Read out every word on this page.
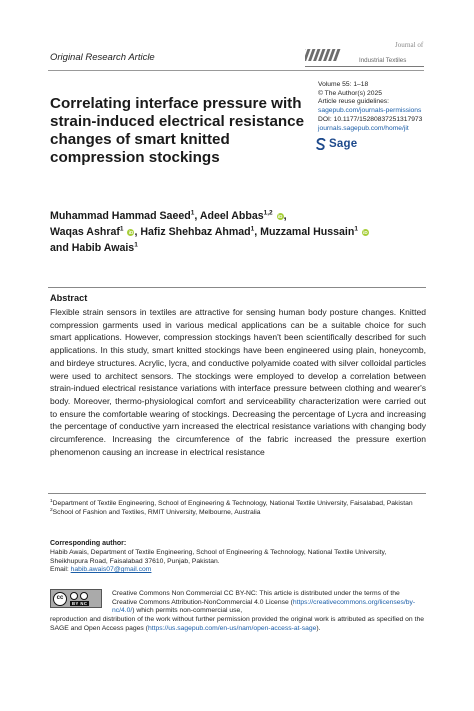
Original Research Article
Journal of
Industrial Textiles
Correlating interface pressure with strain-induced electrical resistance changes of smart knitted compression stockings
Volume 55: 1–18
© The Author(s) 2025
Article reuse guidelines:
sagepub.com/journals-permissions
DOI: 10.1177/15280837251317973
journals.sagepub.com/home/jit
Sage
Muhammad Hammad Saeed$^1$, Adeel Abbas$^{1,2}$ iD,
Waqas Ashraf$^1$ iD, Hafiz Shehbaz Ahmad$^1$, Muzzamal Hussain$^1$ iD
and Habib Awais$^1$
Abstract
Flexible strain sensors in textiles are attractive for sensing human body posture changes. Knitted compression garments used in various medical applications can be a suitable choice for such smart applications. However, compression stockings haven't been scientifically described for such applications. In this study, smart knitted stockings have been engineered using plain, honeycomb, and birdeye structures. Acrylic, lycra, and conductive polyamide coated with silver colloidal particles were used to architect sensors. The stockings were employed to develop a correlation between strain-indued electrical resistance variations with interface pressure between clothing and wearer's body. Moreover, thermo-physiological comfort and serviceability characterization were carried out to ensure the comfortable wearing of stockings. Decreasing the percentage of Lycra and increasing the percentage of conductive yarn increased the electrical resistance variations with changing body circumference. Increasing the circumference of the fabric increased the pressure exertion phenomenon causing an increase in electrical resistance
$^1$Department of Textile Engineering, School of Engineering & Technology, National Textile University, Faisalabad, Pakistan
$^2$School of Fashion and Textiles, RMIT University, Melbourne, Australia
Corresponding author:
Habib Awais, Department of Textile Engineering, School of Engineering & Technology, National Textile University, Sheikhupura Road, Faisalabad 37610, Punjab, Pakistan.
Email: habib.awais07@gmail.com
cc
BY NC
Creative Commons Non Commercial CC BY-NC: This article is distributed under the terms of the Creative Commons Attribution-NonCommercial 4.0 License (https://creativecommons.org/licenses/by-nc/4.0/) which permits non-commercial use,
reproduction and distribution of the work without further permission provided the original work is attributed as specified on the SAGE and Open Access pages (https://us.sagepub.com/en-us/nam/open-access-at-sage).
